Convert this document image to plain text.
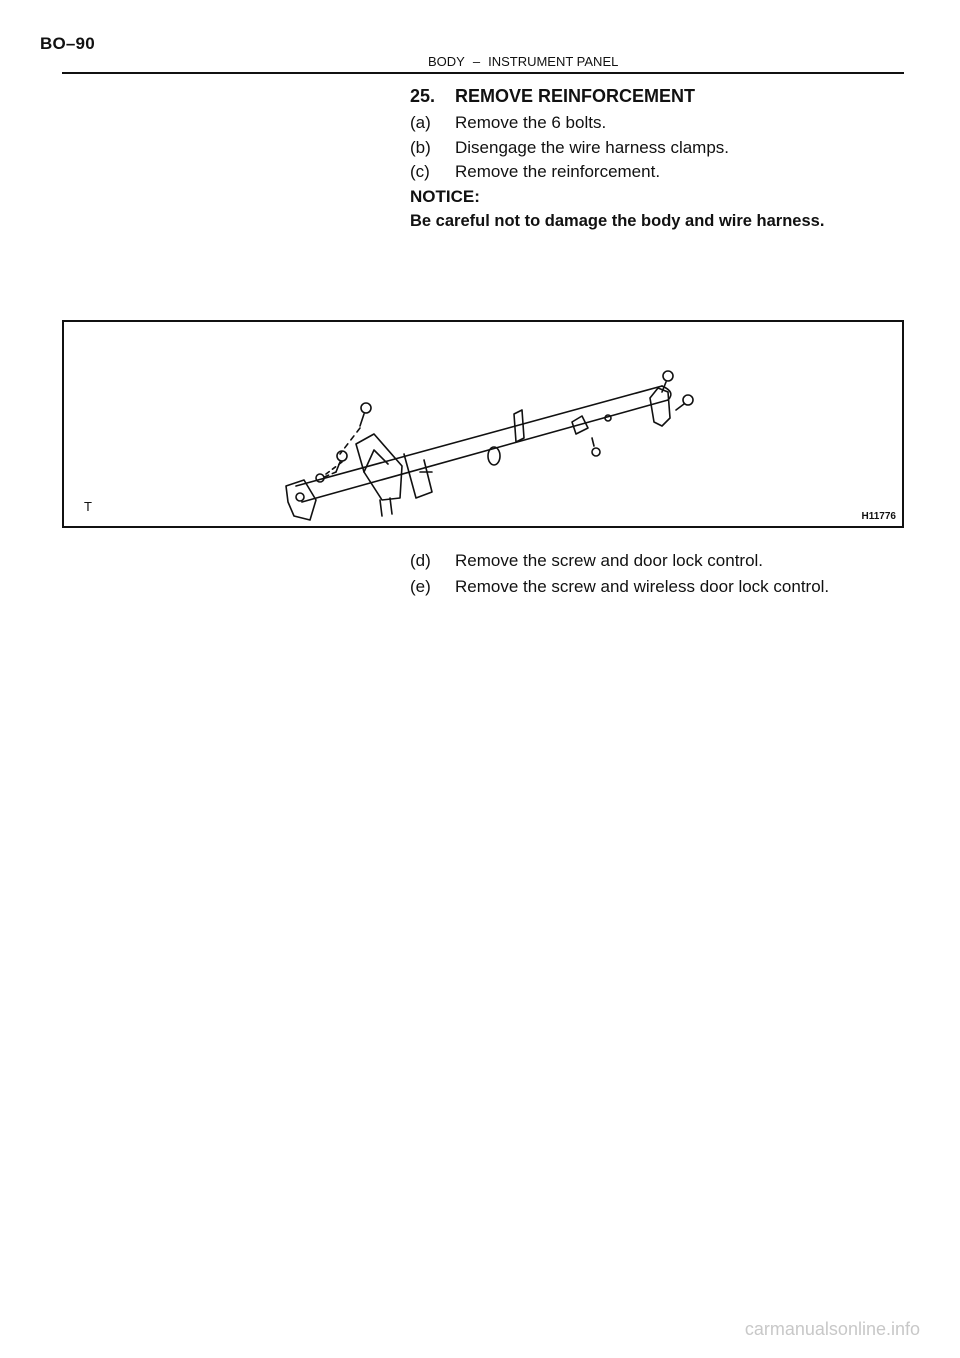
BO–90
BODY – INSTRUMENT PANEL
25. REMOVE REINFORCEMENT
(a) Remove the 6 bolts.
(b) Disengage the wire harness clamps.
(c) Remove the reinforcement.
NOTICE:
Be careful not to damage the body and wire harness.
T
H11776
(d) Remove the screw and door lock control.
(e) Remove the screw and wireless door lock control.
carmanualsonline.info
